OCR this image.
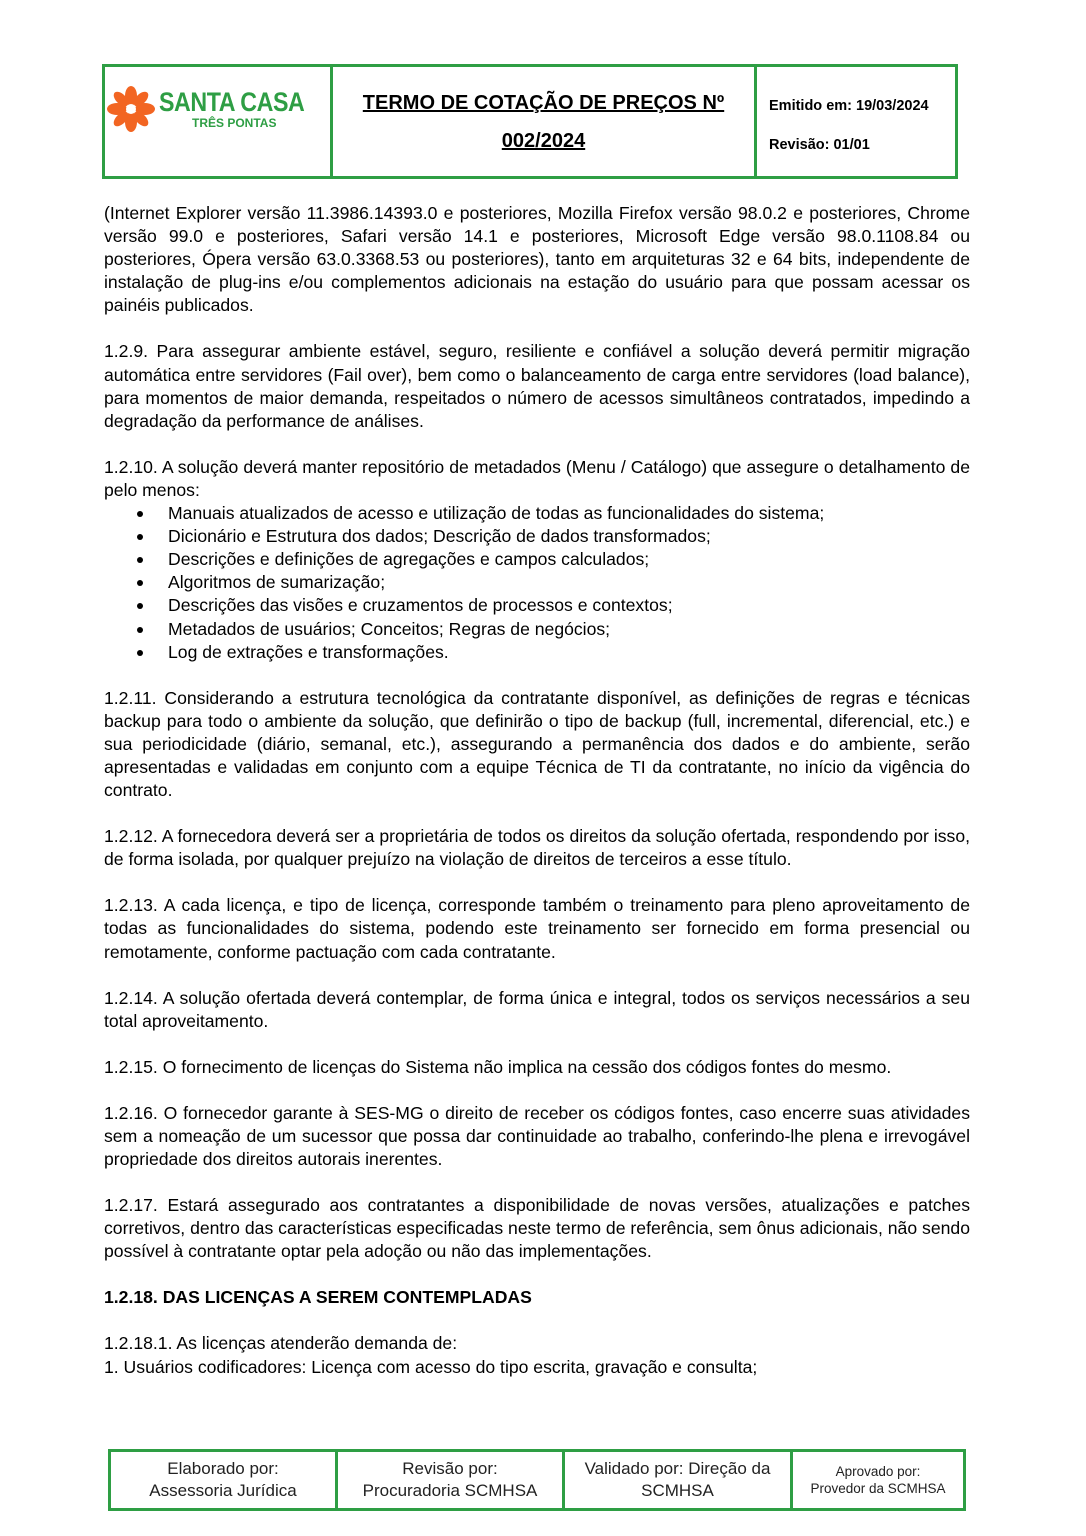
SANTA CASA
TRÊS PONTAS
TERMO DE COTAÇÃO DE PREÇOS Nº
002/2024
Emitido em: 19/03/2024
Revisão: 01/01

(Internet Explorer versão 11.3986.14393.0 e posteriores, Mozilla Firefox versão 98.0.2 e posteriores, Chrome versão 99.0 e posteriores, Safari versão 14.1 e posteriores, Microsoft Edge versão 98.0.1108.84 ou posteriores, Ópera versão 63.0.3368.53 ou posteriores), tanto em arquiteturas 32 e 64 bits, independente de instalação de plug-ins e/ou complementos adicionais na estação do usuário para que possam acessar os painéis publicados.

1.2.9. Para assegurar ambiente estável, seguro, resiliente e confiável a solução deverá permitir migração automática entre servidores (Fail over), bem como o balanceamento de carga entre servidores (load balance), para momentos de maior demanda, respeitados o número de acessos simultâneos contratados, impedindo a degradação da performance de análises.

1.2.10. A solução deverá manter repositório de metadados (Menu / Catálogo) que assegure o detalhamento de pelo menos:

Manuais atualizados de acesso e utilização de todas as funcionalidades do sistema;
Dicionário e Estrutura dos dados; Descrição de dados transformados;
Descrições e definições de agregações e campos calculados;
Algoritmos de sumarização;
Descrições das visões e cruzamentos de processos e contextos;
Metadados de usuários; Conceitos; Regras de negócios;
Log de extrações e transformações.

1.2.11. Considerando a estrutura tecnológica da contratante disponível, as definições de regras e técnicas backup para todo o ambiente da solução, que definirão o tipo de backup (full, incremental, diferencial, etc.) e sua periodicidade (diário, semanal, etc.), assegurando a permanência dos dados e do ambiente, serão apresentadas e validadas em conjunto com a equipe Técnica de TI da contratante, no início da vigência do contrato.

1.2.12. A fornecedora deverá ser a proprietária de todos os direitos da solução ofertada, respondendo por isso, de forma isolada, por qualquer prejuízo na violação de direitos de terceiros a esse título.

1.2.13. A cada licença, e tipo de licença, corresponde também o treinamento para pleno aproveitamento de todas as funcionalidades do sistema, podendo este treinamento ser fornecido em forma presencial ou remotamente, conforme pactuação com cada contratante.

1.2.14. A solução ofertada deverá contemplar, de forma única e integral, todos os serviços necessários a seu total aproveitamento.

1.2.15. O fornecimento de licenças do Sistema não implica na cessão dos códigos fontes do mesmo.

1.2.16. O fornecedor garante à SES-MG o direito de receber os códigos fontes, caso encerre suas atividades sem a nomeação de um sucessor que possa dar continuidade ao trabalho, conferindo-lhe plena e irrevogável propriedade dos direitos autorais inerentes.

1.2.17. Estará assegurado aos contratantes a disponibilidade de novas versões, atualizações e patches corretivos, dentro das características especificadas neste termo de referência, sem ônus adicionais, não sendo possível à contratante optar pela adoção ou não das implementações.

1.2.18. DAS LICENÇAS A SEREM CONTEMPLADAS

1.2.18.1. As licenças atenderão demanda de:

1. Usuários codificadores: Licença com acesso do tipo escrita, gravação e consulta;

Elaborado por:
Assessoria Jurídica
Revisão por:
Procuradoria SCMHSA
Validado por: Direção da
SCMHSA
Aprovado por:
Provedor da SCMHSA
